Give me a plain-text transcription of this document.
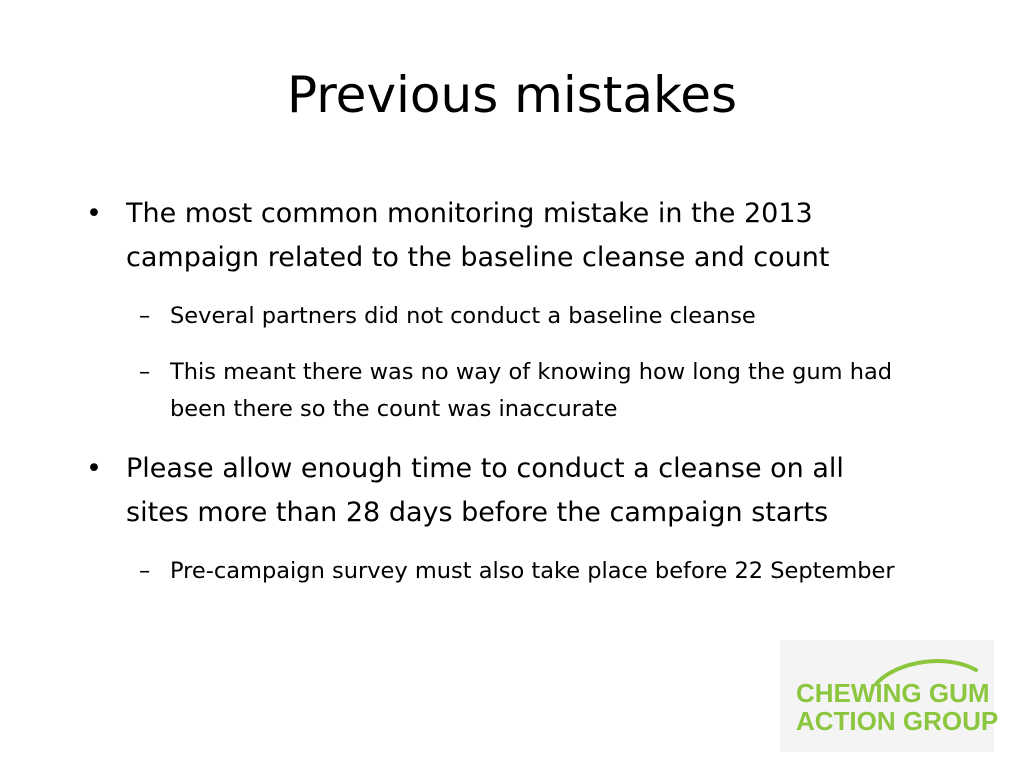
Previous mistakes
• The most common monitoring mistake in the 2013 campaign related to the baseline cleanse and count
– Several partners did not conduct a baseline cleanse
– This meant there was no way of knowing how long the gum had been there so the count was inaccurate
• Please allow enough time to conduct a cleanse on all sites more than 28 days before the campaign starts
– Pre-campaign survey must also take place before 22 September
CHEWING GUM
ACTION GROUP
